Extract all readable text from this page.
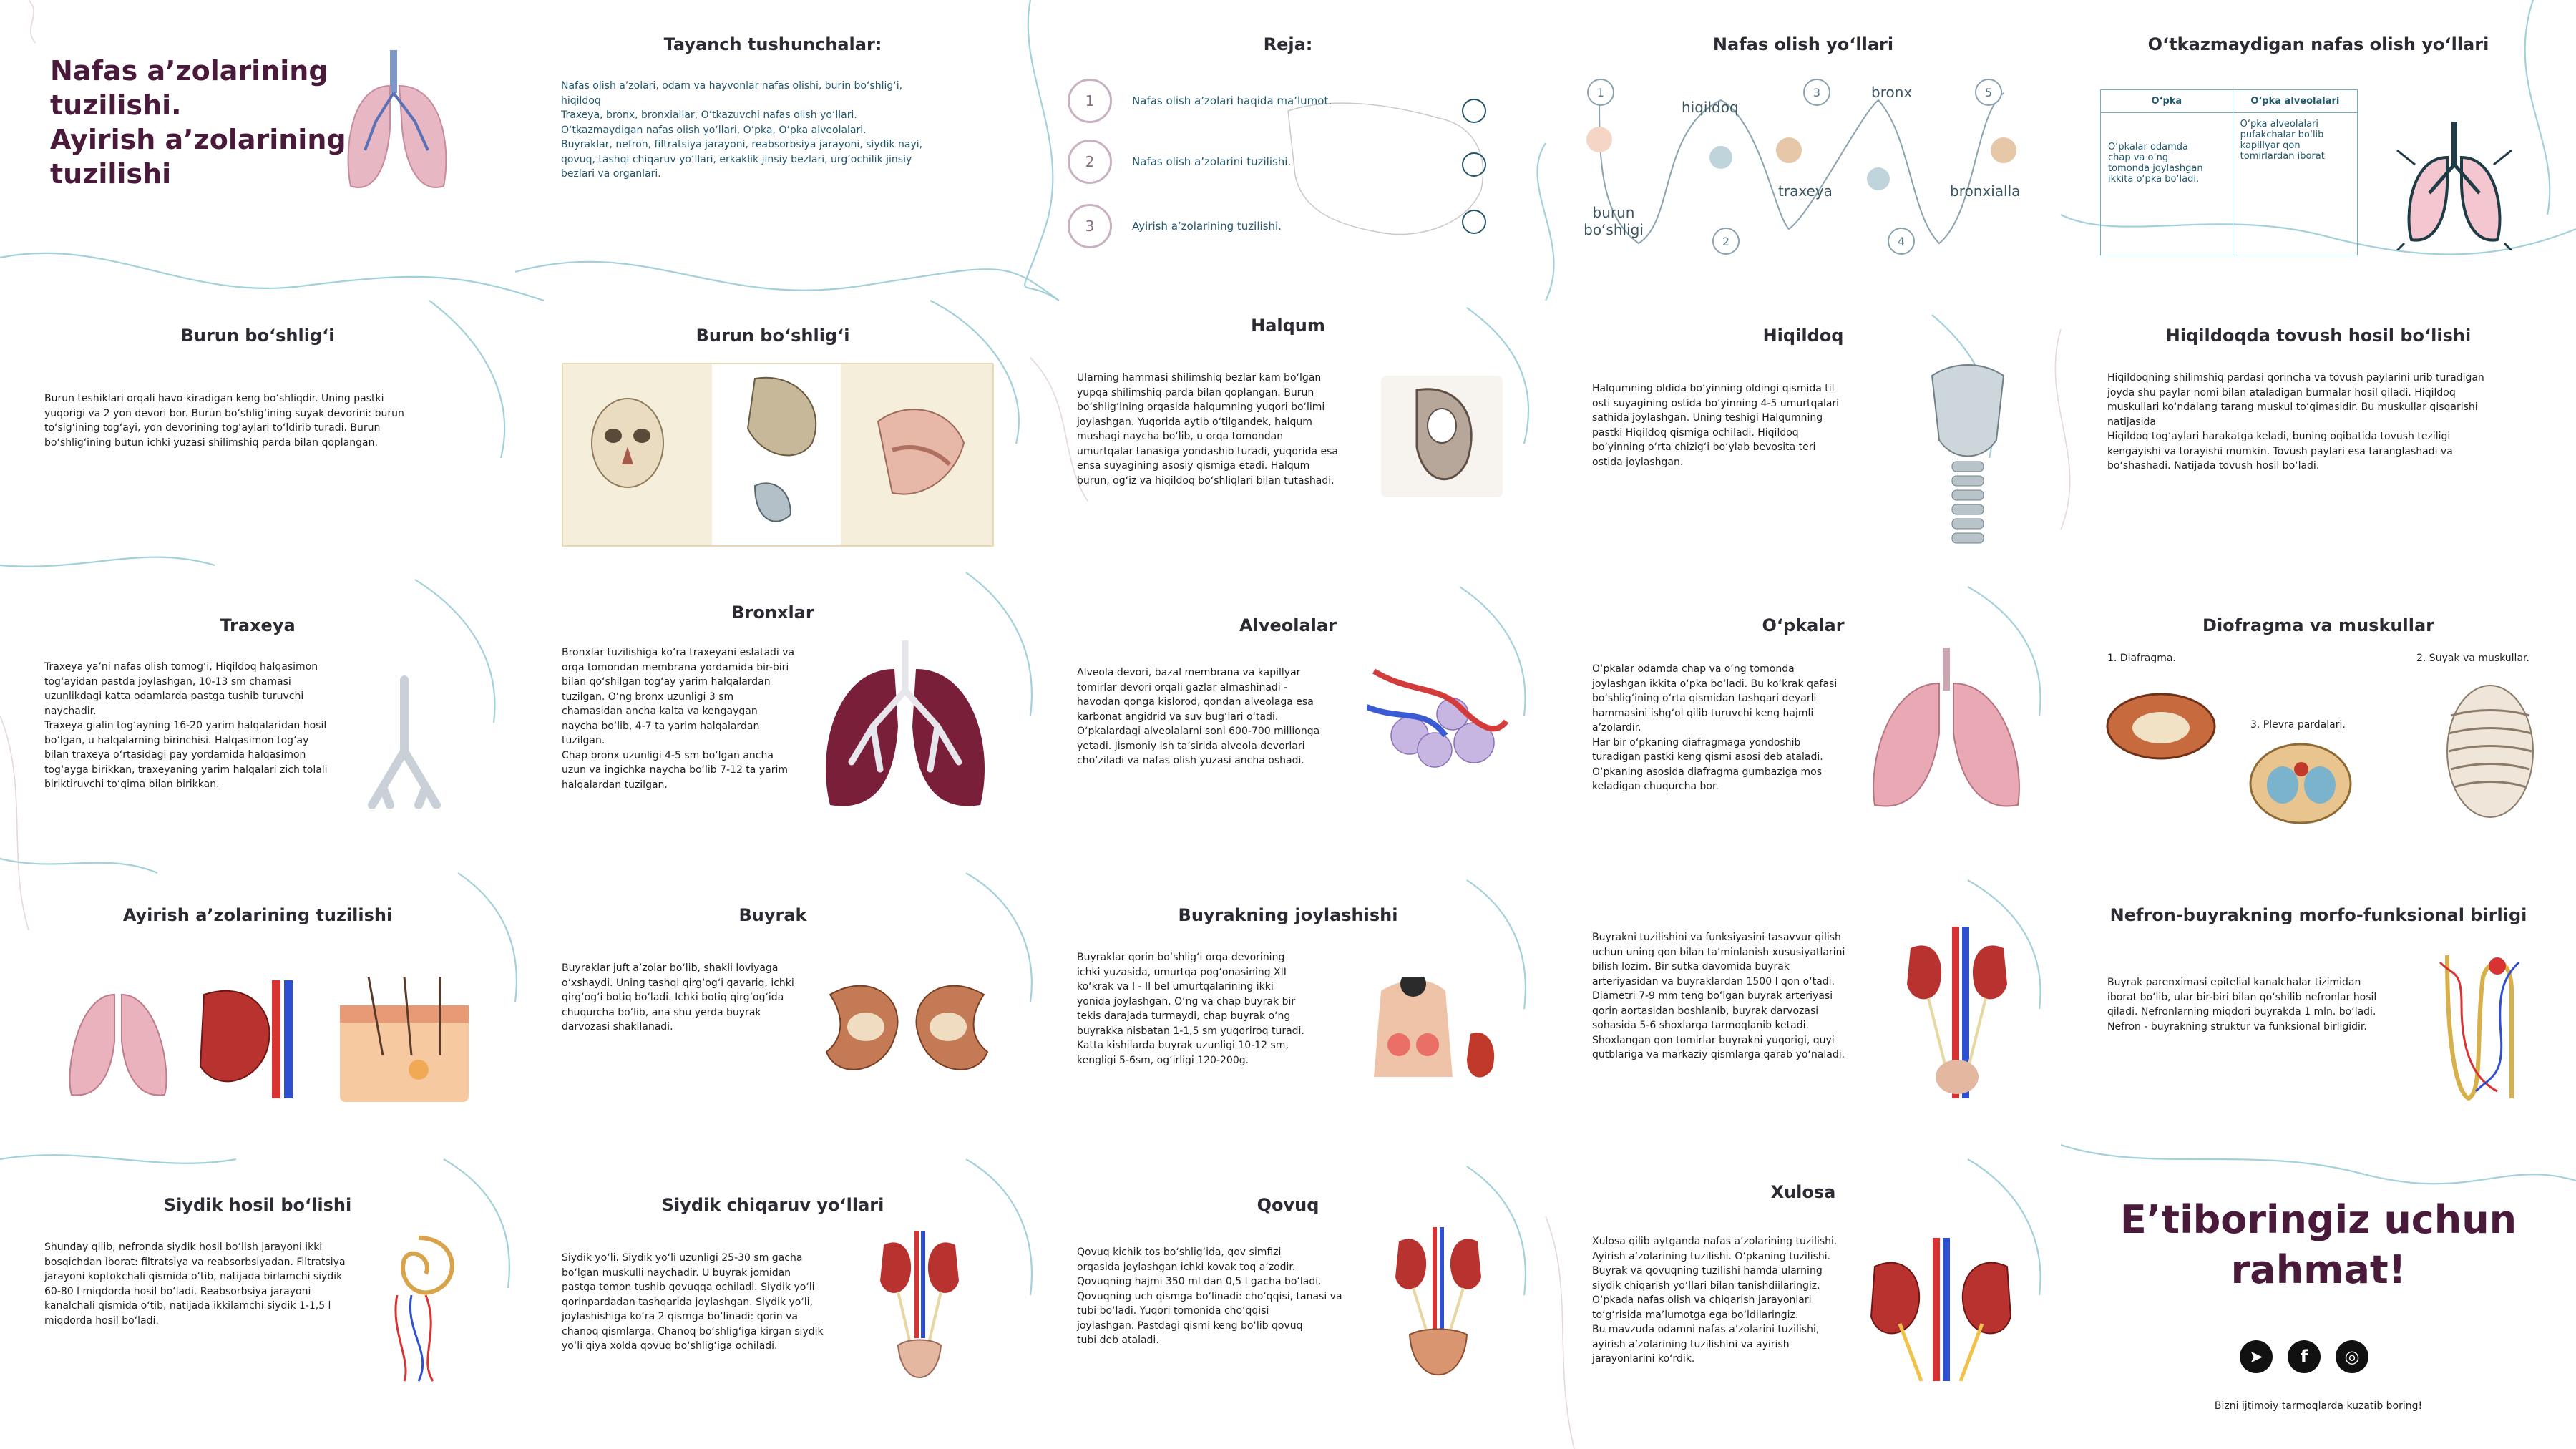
Nafas a’zolarining tuzilishi.
Ayirish a’zolarining tuzilishi
Tayanch tushunchalar:
Nafas olish a’zolari, odam va hayvonlar nafas olishi, burin bo‘shlig‘i,
hiqildoq
Traxeya, bronx, bronxiallar, O‘tkazuvchi nafas olish yo‘llari.
O‘tkazmaydigan nafas olish yo‘llari, O‘pka, O‘pka alveolalari.
Buyraklar, nefron, filtratsiya jarayoni, reabsorbsiya jarayoni, siydik nayi,
qovuq, tashqi chiqaruv yo‘llari, erkaklik jinsiy bezlari, urg‘ochilik jinsiy
bezlari va organlari.
Reja:
1	Nafas olish a’zolari haqida ma’lumot.
2	Nafas olish a’zolarini tuzilishi.
3	Ayirish a’zolarining tuzilishi.
Nafas olish yo‘llari
1
2
3
4
5
burun
bo‘shligi
hiqildoq
traxeya
bronx
bronxialla
O‘tkazmaydigan nafas olish yo‘llari
O‘pka	O‘pka alveolalari
O‘pkalar odamda
chap va o‘ng
tomonda joylashgan
ikkita o‘pka bo‘ladi.	O‘pka alveolalari
pufakchalar bo‘lib
kapillyar qon
tomirlardan iborat
Burun bo‘shlig‘i
Burun teshiklari orqali havo kiradigan keng bo‘shliqdir. Uning pastki
yuqorigi va 2 yon devori bor. Burun bo‘shlig‘ining suyak devorini: burun
to‘sig‘ining tog‘ayi, yon devorining tog‘aylari to‘ldirib turadi. Burun
bo‘shlig‘ining butun ichki yuzasi shilimshiq parda bilan qoplangan.
Burun bo‘shlig‘i	Halqum
Ularning hammasi shilimshiq bezlar kam bo‘lgan
yupqa shilimshiq parda bilan qoplangan. Burun
bo‘shlig‘ining orqasida halqumning yuqori bo‘limi
joylashgan. Yuqorida aytib o‘tilgandek, halqum
mushagi naycha bo‘lib, u orqa tomondan
umurtqalar tanasiga yondashib turadi, yuqorida esa
ensa suyagining asosiy qismiga etadi. Halqum
burun, og‘iz va hiqildoq bo‘shliqlari bilan tutashadi.
Hiqildoq
Halqumning oldida bo‘yinning oldingi qismida til
osti suyagining ostida bo‘yinning 4-5 umurtqalari
sathida joylashgan. Uning teshigi Halqumning
pastki Hiqildoq qismiga ochiladi. Hiqildoq
bo‘yinning o‘rta chizig‘i bo‘ylab bevosita teri
ostida joylashgan.
Hiqildoqda tovush hosil bo‘lishi
Hiqildoqning shilimshiq pardasi qorincha va tovush paylarini urib turadigan
joyda shu paylar nomi bilan ataladigan burmalar hosil qiladi. Hiqildoq
muskullari ko‘ndalang tarang muskul to‘qimasidir. Bu muskullar qisqarishi
natijasida
Hiqildoq tog‘aylari harakatga keladi, buning oqibatida tovush teziligi
kengayishi va torayishi mumkin. Tovush paylari esa taranglashadi va
bo‘shashadi. Natijada tovush hosil bo‘ladi.
Traxeya
Traxeya ya’ni nafas olish tomog‘i, Hiqildoq halqasimon
tog‘ayidan pastda joylashgan, 10-13 sm chamasi
uzunlikdagi katta odamlarda pastga tushib turuvchi
naychadir.
Traxeya gialin tog‘ayning 16-20 yarim halqalaridan hosil
bo‘lgan, u halqalarning birinchisi. Halqasimon tog‘ay
bilan traxeya o‘rtasidagi pay yordamida halqasimon
tog‘ayga birikkan, traxeyaning yarim halqalari zich tolali
biriktiruvchi to‘qima bilan birikkan.
Bronxlar
Bronxlar tuzilishiga ko‘ra traxeyani eslatadi va
orqa tomondan membrana yordamida bir-biri
bilan qo‘shilgan tog‘ay yarim halqalardan
tuzilgan. O‘ng bronx uzunligi 3 sm
chamasidan ancha kalta va kengaygan
naycha bo‘lib, 4-7 ta yarim halqalardan
tuzilgan.
Chap bronx uzunligi 4-5 sm bo‘lgan ancha
uzun va ingichka naycha bo‘lib 7-12 ta yarim
halqalardan tuzilgan.
Alveolalar
Alveola devori, bazal membrana va kapillyar
tomirlar devori orqali gazlar almashinadi -
havodan qonga kislorod, qondan alveolaga esa
karbonat angidrid va suv bug‘lari o‘tadi.
O‘pkalardagi alveolalarni soni 600-700 millionga
yetadi. Jismoniy ish ta’sirida alveola devorlari
cho‘ziladi va nafas olish yuzasi ancha oshadi.
O‘pkalar
O‘pkalar odamda chap va o‘ng tomonda
joylashgan ikkita o‘pka bo‘ladi. Bu ko‘krak qafasi
bo‘shlig‘ining o‘rta qismidan tashqari deyarli
hammasini ishg‘ol qilib turuvchi keng hajmli
a’zolardir.
Har bir o‘pkaning diafragmaga yondoshib
turadigan pastki keng qismi asosi deb ataladi.
O‘pkaning asosida diafragma gumbaziga mos
keladigan chuqurcha bor.
Diofragma va muskullar
1. Diafragma.	2. Suyak va muskullar.
3. Plevra pardalari.
Ayirish a’zolarining tuzilishi	Buyrak
Buyraklar juft a’zolar bo‘lib, shakli loviyaga
o‘xshaydi. Uning tashqi qirg‘og‘i qavariq, ichki
qirg‘og‘i botiq bo‘ladi. Ichki botiq qirg‘og‘ida
chuqurcha bo‘lib, ana shu yerda buyrak
darvozasi shakllanadi.
Buyrakning joylashishi
Buyraklar qorin bo‘shlig‘i orqa devorining
ichki yuzasida, umurtqa pog‘onasining XII
ko‘krak va I - II bel umurtqalarining ikki
yonida joylashgan. O‘ng va chap buyrak bir
tekis darajada turmaydi, chap buyrak o‘ng
buyrakka nisbatan 1-1,5 sm yuqoriroq turadi.
Katta kishilarda buyrak uzunligi 10-12 sm,
kengligi 5-6sm, og‘irligi 120-200g.
Buyrakni tuzilishini va funksiyasini tasavvur qilish
uchun uning qon bilan ta’minlanish xususiyatlarini
bilish lozim. Bir sutka davomida buyrak
arteriyasidan va buyraklardan 1500 l qon o‘tadi.
Diametri 7-9 mm teng bo‘lgan buyrak arteriyasi
qorin aortasidan boshlanib, buyrak darvozasi
sohasida 5-6 shoxlarga tarmoqlanib ketadi.
Shoxlangan qon tomirlar buyrakni yuqorigi, quyi
qutblariga va markaziy qismlarga qarab yo‘naladi.
Nefron-buyrakning morfo-funksional birligi
Buyrak parenximasi epitelial kanalchalar tizimidan
iborat bo‘lib, ular bir-biri bilan qo‘shilib nefronlar hosil
qiladi. Nefronlarning miqdori buyrakda 1 mln. bo‘ladi.
Nefron - buyrakning struktur va funksional birligidir.
Siydik hosil bo‘lishi
Shunday qilib, nefronda siydik hosil bo‘lish jarayoni ikki
bosqichdan iborat: filtratsiya va reabsorbsiyadan. Filtratsiya
jarayoni koptokchali qismida o‘tib, natijada birlamchi siydik
60-80 l miqdorda hosil bo‘ladi. Reabsorbsiya jarayoni
kanalchali qismida o‘tib, natijada ikkilamchi siydik 1-1,5 l
miqdorda hosil bo‘ladi.
Siydik chiqaruv yo‘llari
Siydik yo‘li. Siydik yo‘li uzunligi 25-30 sm gacha
bo‘lgan muskulli naychadir. U buyrak jomidan
pastga tomon tushib qovuqqa ochiladi. Siydik yo‘li
qorinpardadan tashqarida joylashgan. Siydik yo‘li,
joylashishiga ko‘ra 2 qismga bo‘linadi: qorin va
chanoq qismlarga. Chanoq bo‘shlig‘iga kirgan siydik
yo‘li qiya xolda qovuq bo‘shlig‘iga ochiladi.
Qovuq
Qovuq kichik tos bo‘shlig‘ida, qov simfizi
orqasida joylashgan ichki kovak toq a’zodir.
Qovuqning hajmi 350 ml dan 0,5 l gacha bo‘ladi.
Qovuqning uch qismga bo‘linadi: cho‘qqisi, tanasi va
tubi bo‘ladi. Yuqori tomonida cho‘qqisi
joylashgan. Pastdagi qismi keng bo‘lib qovuq
tubi deb ataladi.
Xulosa
Xulosa qilib aytganda nafas a’zolarining tuzilishi.
Ayirish a’zolarining tuzilishi. O‘pkaning tuzilishi.
Buyrak va qovuqning tuzilishi hamda ularning
siydik chiqarish yo‘llari bilan tanishdiilaringiz.
O‘pkada nafas olish va chiqarish jarayonlari
to‘g‘risida ma’lumotga ega bo‘ldilaringiz.
Bu mavzuda odamni nafas a’zolarini tuzilishi,
ayirish a’zolarining tuzilishini va ayirish
jarayonlarini ko‘rdik.
E’tiboringiz uchun
rahmat!
➤	f	◎
Bizni ijtimoiy tarmoqlarda kuzatib boring!
